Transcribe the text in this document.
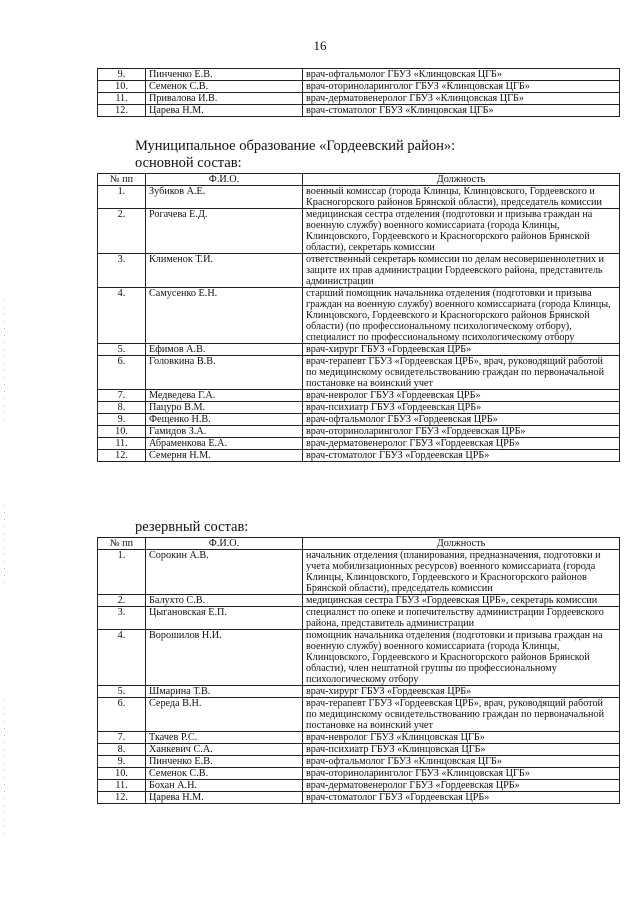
16
9.	Пинченко Е.В.	врач-офтальмолог ГБУЗ «Клинцовская ЦГБ»
10.	Семенок С.В.	врач-оториноларинголог ГБУЗ «Клинцовская ЦГБ»
11.	Привалова И.В.	врач-дерматовенеролог ГБУЗ «Клинцовская ЦГБ»
12.	Царева Н.М.	врач-стоматолог ГБУЗ «Клинцовская ЦГБ»
Муниципальное образование «Гордеевский район»:
основной состав:
№ пп	Ф.И.О.	Должность
1.	Зубиков А.Е.	военный комиссар (города Клинцы, Клинцовского, Гордеевского и Красногорского районов Брянской области), председатель комиссии
2.	Рогачева Е.Д.	медицинская сестра отделения (подготовки и призыва граждан на военную службу) военного комиссариата (города Клинцы, Клинцовского, Гордеевского и Красногорского районов Брянской области), секретарь комиссии
3.	Клименок Т.И.	ответственный секретарь комиссии по делам несовершеннолетних и защите их прав администрации Гордеевского района, представитель администрации
4.	Самусенко Е.Н.	старший помощник начальника отделения (подготовки и призыва граждан на военную службу) военного комиссариата (города Клинцы, Клинцовского, Гордеевского и Красногорского районов Брянской области) (по профессиональному психологическому отбору), специалист по профессиональному психологическому отбору
5.	Ефимов А.В.	врач-хирург ГБУЗ «Гордеевская ЦРБ»
6.	Головкина В.В.	врач-терапевт ГБУЗ «Гордеевская ЦРБ», врач, руководящий работой по медицинскому освидетельствованию граждан по первоначальной постановке на воинский учет
7.	Медведева Г.А.	врач-невролог ГБУЗ «Гордеевская ЦРБ»
8.	Пацуро В.М.	врач-психиатр ГБУЗ «Гордеевская ЦРБ»
9.	Фещенко Н.В.	врач-офтальмолог ГБУЗ «Гордеевская ЦРБ»
10.	Гамидов З.А.	врач-оториноларинголог ГБУЗ «Гордеевская ЦРБ»
11.	Абраменкова Е.А.	врач-дерматовенеролог ГБУЗ «Гордеевская ЦРБ»
12.	Семерня Н.М.	врач-стоматолог ГБУЗ «Гордеевская ЦРБ»
резервный состав:
№ пп	Ф.И.О.	Должность
1.	Сорокин А.В.	начальник отделения (планирования, предназначения, подготовки и учета мобилизационных ресурсов) военного комиссариата (города Клинцы, Клинцовского, Гордеевского и Красногорского районов Брянской области), председатель комиссии
2.	Балухто С.В.	медицинская сестра ГБУЗ «Гордеевская ЦРБ», секретарь комиссии
3.	Цыгановская Е.П.	специалист по опеке и попечительству администрации Гордеевского района, представитель администрации
4.	Ворошилов Н.И.	помощник начальника отделения (подготовки и призыва граждан на военную службу) военного комиссариата (города Клинцы, Клинцовского, Гордеевского и Красногорского районов Брянской области), член нештатной группы по профессиональному психологическому отбору
5.	Шмарина Т.В.	врач-хирург ГБУЗ «Гордеевская ЦРБ»
6.	Середа В.Н.	врач-терапевт ГБУЗ «Гордеевская ЦРБ», врач, руководящий работой по медицинскому освидетельствованию граждан по первоначальной постановке на воинский учет
7.	Ткачев Р.С.	врач-невролог ГБУЗ «Клинцовская ЦГБ»
8.	Ханкевич С.А.	врач-психиатр ГБУЗ «Клинцовская ЦГБ»
9.	Пинченко Е.В.	врач-офтальмолог ГБУЗ «Клинцовская ЦГБ»
10.	Семенок С.В.	врач-оториноларинголог ГБУЗ «Клинцовская ЦГБ»
11.	Бохан А.Н.	врач-дерматовенеролог ГБУЗ «Гордеевская ЦРБ»
12.	Царева Н.М.	врач-стоматолог ГБУЗ «Гордеевская ЦРБ»
